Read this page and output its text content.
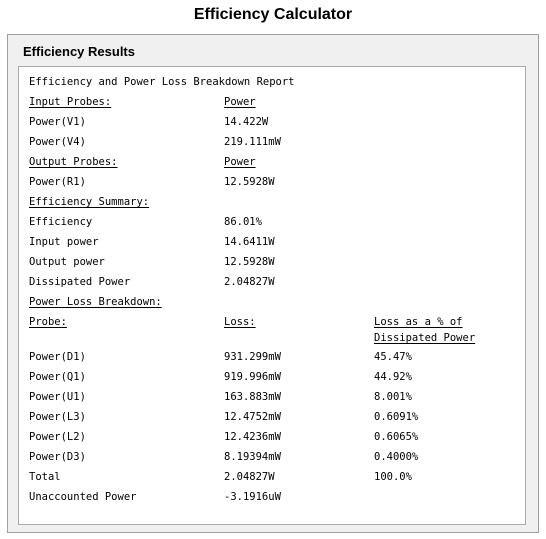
Efficiency Calculator
Efficiency Results
Efficiency and Power Loss Breakdown Report
Input Probes:	Power
Power(V1)	14.422W
Power(V4)	219.111mW
Output Probes:	Power
Power(R1)	12.5928W
Efficiency Summary:
Efficiency	86.01%
Input power	14.6411W
Output power	12.5928W
Dissipated Power	2.04827W
Power Loss Breakdown:
Probe:	Loss:	Loss as a % of
Dissipated Power
Power(D1)	931.299mW	45.47%
Power(Q1)	919.996mW	44.92%
Power(U1)	163.883mW	8.001%
Power(L3)	12.4752mW	0.6091%
Power(L2)	12.4236mW	0.6065%
Power(D3)	8.19394mW	0.4000%
Total	2.04827W	100.0%
Unaccounted Power	-3.1916uW
